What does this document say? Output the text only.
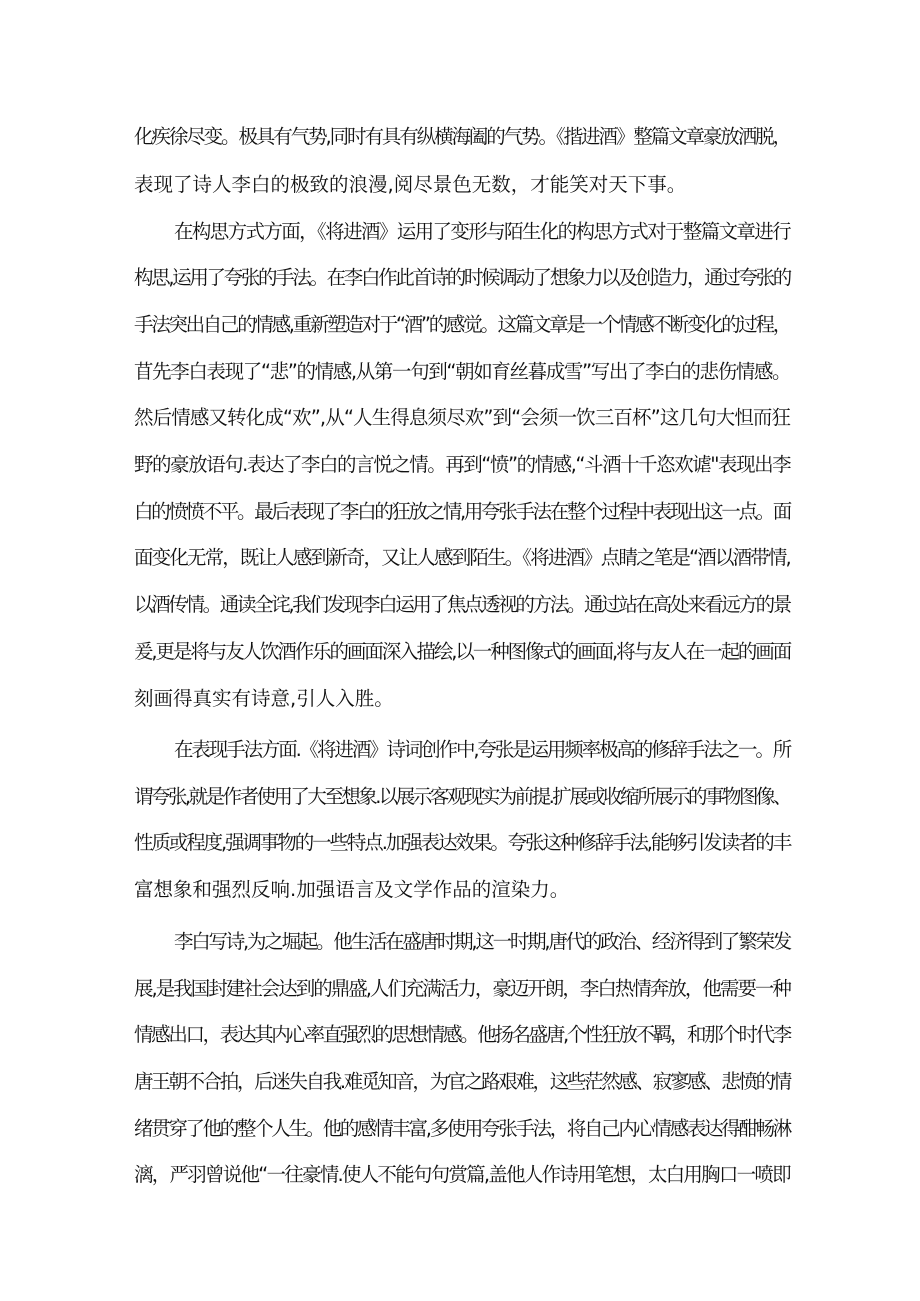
化疾徐尽变。极具有气势,同时有具有纵横海阖的气势。《揩进酒》整篇文章豪放洒脱，
表现了诗人李白的极致的浪漫,阅尽景色无数，才能笑对天下事。
在构思方式方面，《将进酒》运用了变形与陌生化的构思方式对于整篇文章进行
构思,运用了夸张的手法。在李白作此首诗的时候调动了想象力以及创造力，通过夸张的
手法突出自己的情感,重新塑造对于“酒”的感觉。这篇文章是一个情感不断变化的过程，
苜先李白表现了“悲”的情感,从第一句到“朝如育丝暮成雪”写出了李白的悲伤情感。
然后情感又转化成“欢”,从“人生得息须尽欢”到“会须一饮三百杯”这几句大怛而狂
野的豪放语句.表达了李白的言悦之情。再到“愤”的情感,“斗酒十千恣欢谑''表现出李
白的愤愤不平。最后表现了李白的狂放之情,用夸张手法在整个过程中表现出这一点。面
面变化无常，既让人感到新奇，又让人感到陌生。《将进酒》点睛之笔是“酒以酒带情,
以酒传情。通读全诧,我们发现李白运用了焦点透视的方法。通过站在高处来看远方的景
爰,更是将与友人饮酒作乐的画面深入描绘,以一种图像式的画面,将与友人在一起的画面
刻画得真实有诗意,引人入胜。
在表现手法方面.《将进酒》诗词创作中,夸张是运用频率极高的修辞手法之一。所
谓夸张,就是作者使用了大至想象.以展示客观现实为前提.扩展或收缩所展示的事物图像、
性质或程度,强调事物的一些特点.加强表达效果。夸张这种修辞手法,能够引发读者的丰
富想象和强烈反响.加强语言及文学作品的渲染力。
李白写诗,为之堀起。他生活在盛唐时期,这一时期,唐代的政治、经济得到了繁荣发
展,是我国封建社会达到的鼎盛,人们充满活力，豪迈开朗，李白热情奔放，他需要一种
情感出口，表达其内心率直强烈的思想情感。他扬名盛唐,个性狂放不羁，和那个时代李
唐王朝不合拍，后迷失自我.难觅知音，为官之路艰难，这些茫然感、寂寥感、悲愤的情
绪贯穿了他的整个人生。他的感情丰富,多使用夸张手法，将自己内心情感表达得酣畅淋
漓，严羽曾说他“一往豪情.使人不能句句赏篇,盖他人作诗用笔想，太白用胸口一喷即
